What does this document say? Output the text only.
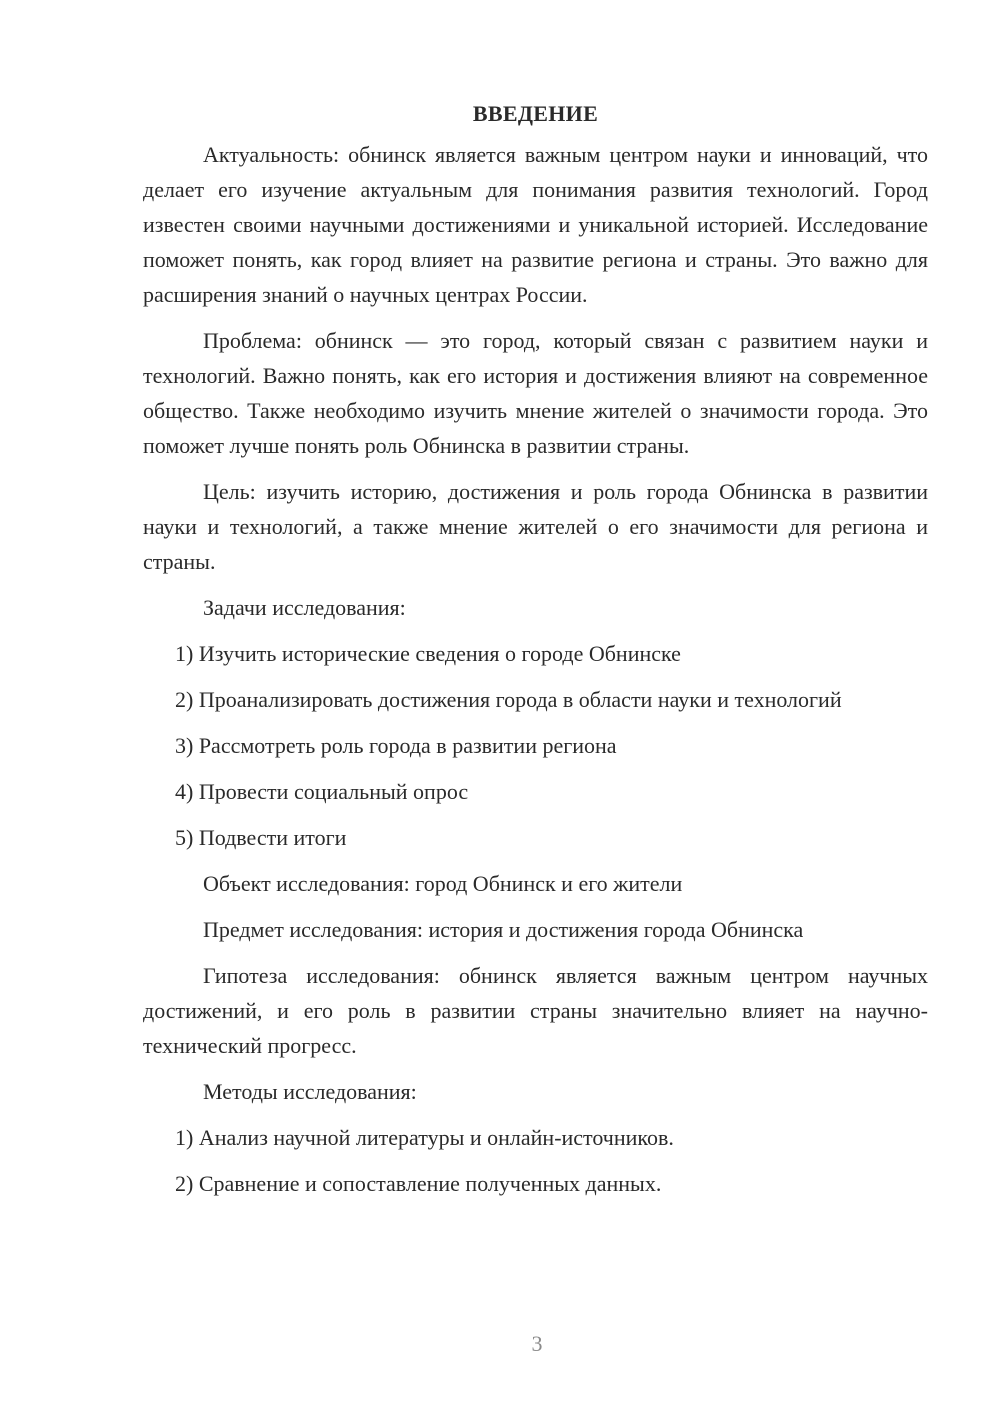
ВВЕДЕНИЕ

Актуальность: обнинск является важным центром науки и инноваций, что делает его изучение актуальным для понимания развития технологий. Город известен своими научными достижениями и уникальной историей. Исследование поможет понять, как город влияет на развитие региона и страны. Это важно для расширения знаний о научных центрах России.

Проблема: обнинск — это город, который связан с развитием науки и технологий. Важно понять, как его история и достижения влияют на современное общество. Также необходимо изучить мнение жителей о значимости города. Это поможет лучше понять роль Обнинска в развитии страны.

Цель: изучить историю, достижения и роль города Обнинска в развитии науки и технологий, а также мнение жителей о его значимости для региона и страны.

Задачи исследования:

1) Изучить исторические сведения о городе Обнинске

2) Проанализировать достижения города в области науки и технологий

3) Рассмотреть роль города в развитии региона

4) Провести социальный опрос

5) Подвести итоги

Объект исследования: город Обнинск и его жители

Предмет исследования: история и достижения города Обнинска

Гипотеза исследования: обнинск является важным центром научных достижений, и его роль в развитии страны значительно влияет на научно-технический прогресс.

Методы исследования:

1) Анализ научной литературы и онлайн-источников.

2) Сравнение и сопоставление полученных данных.

3
